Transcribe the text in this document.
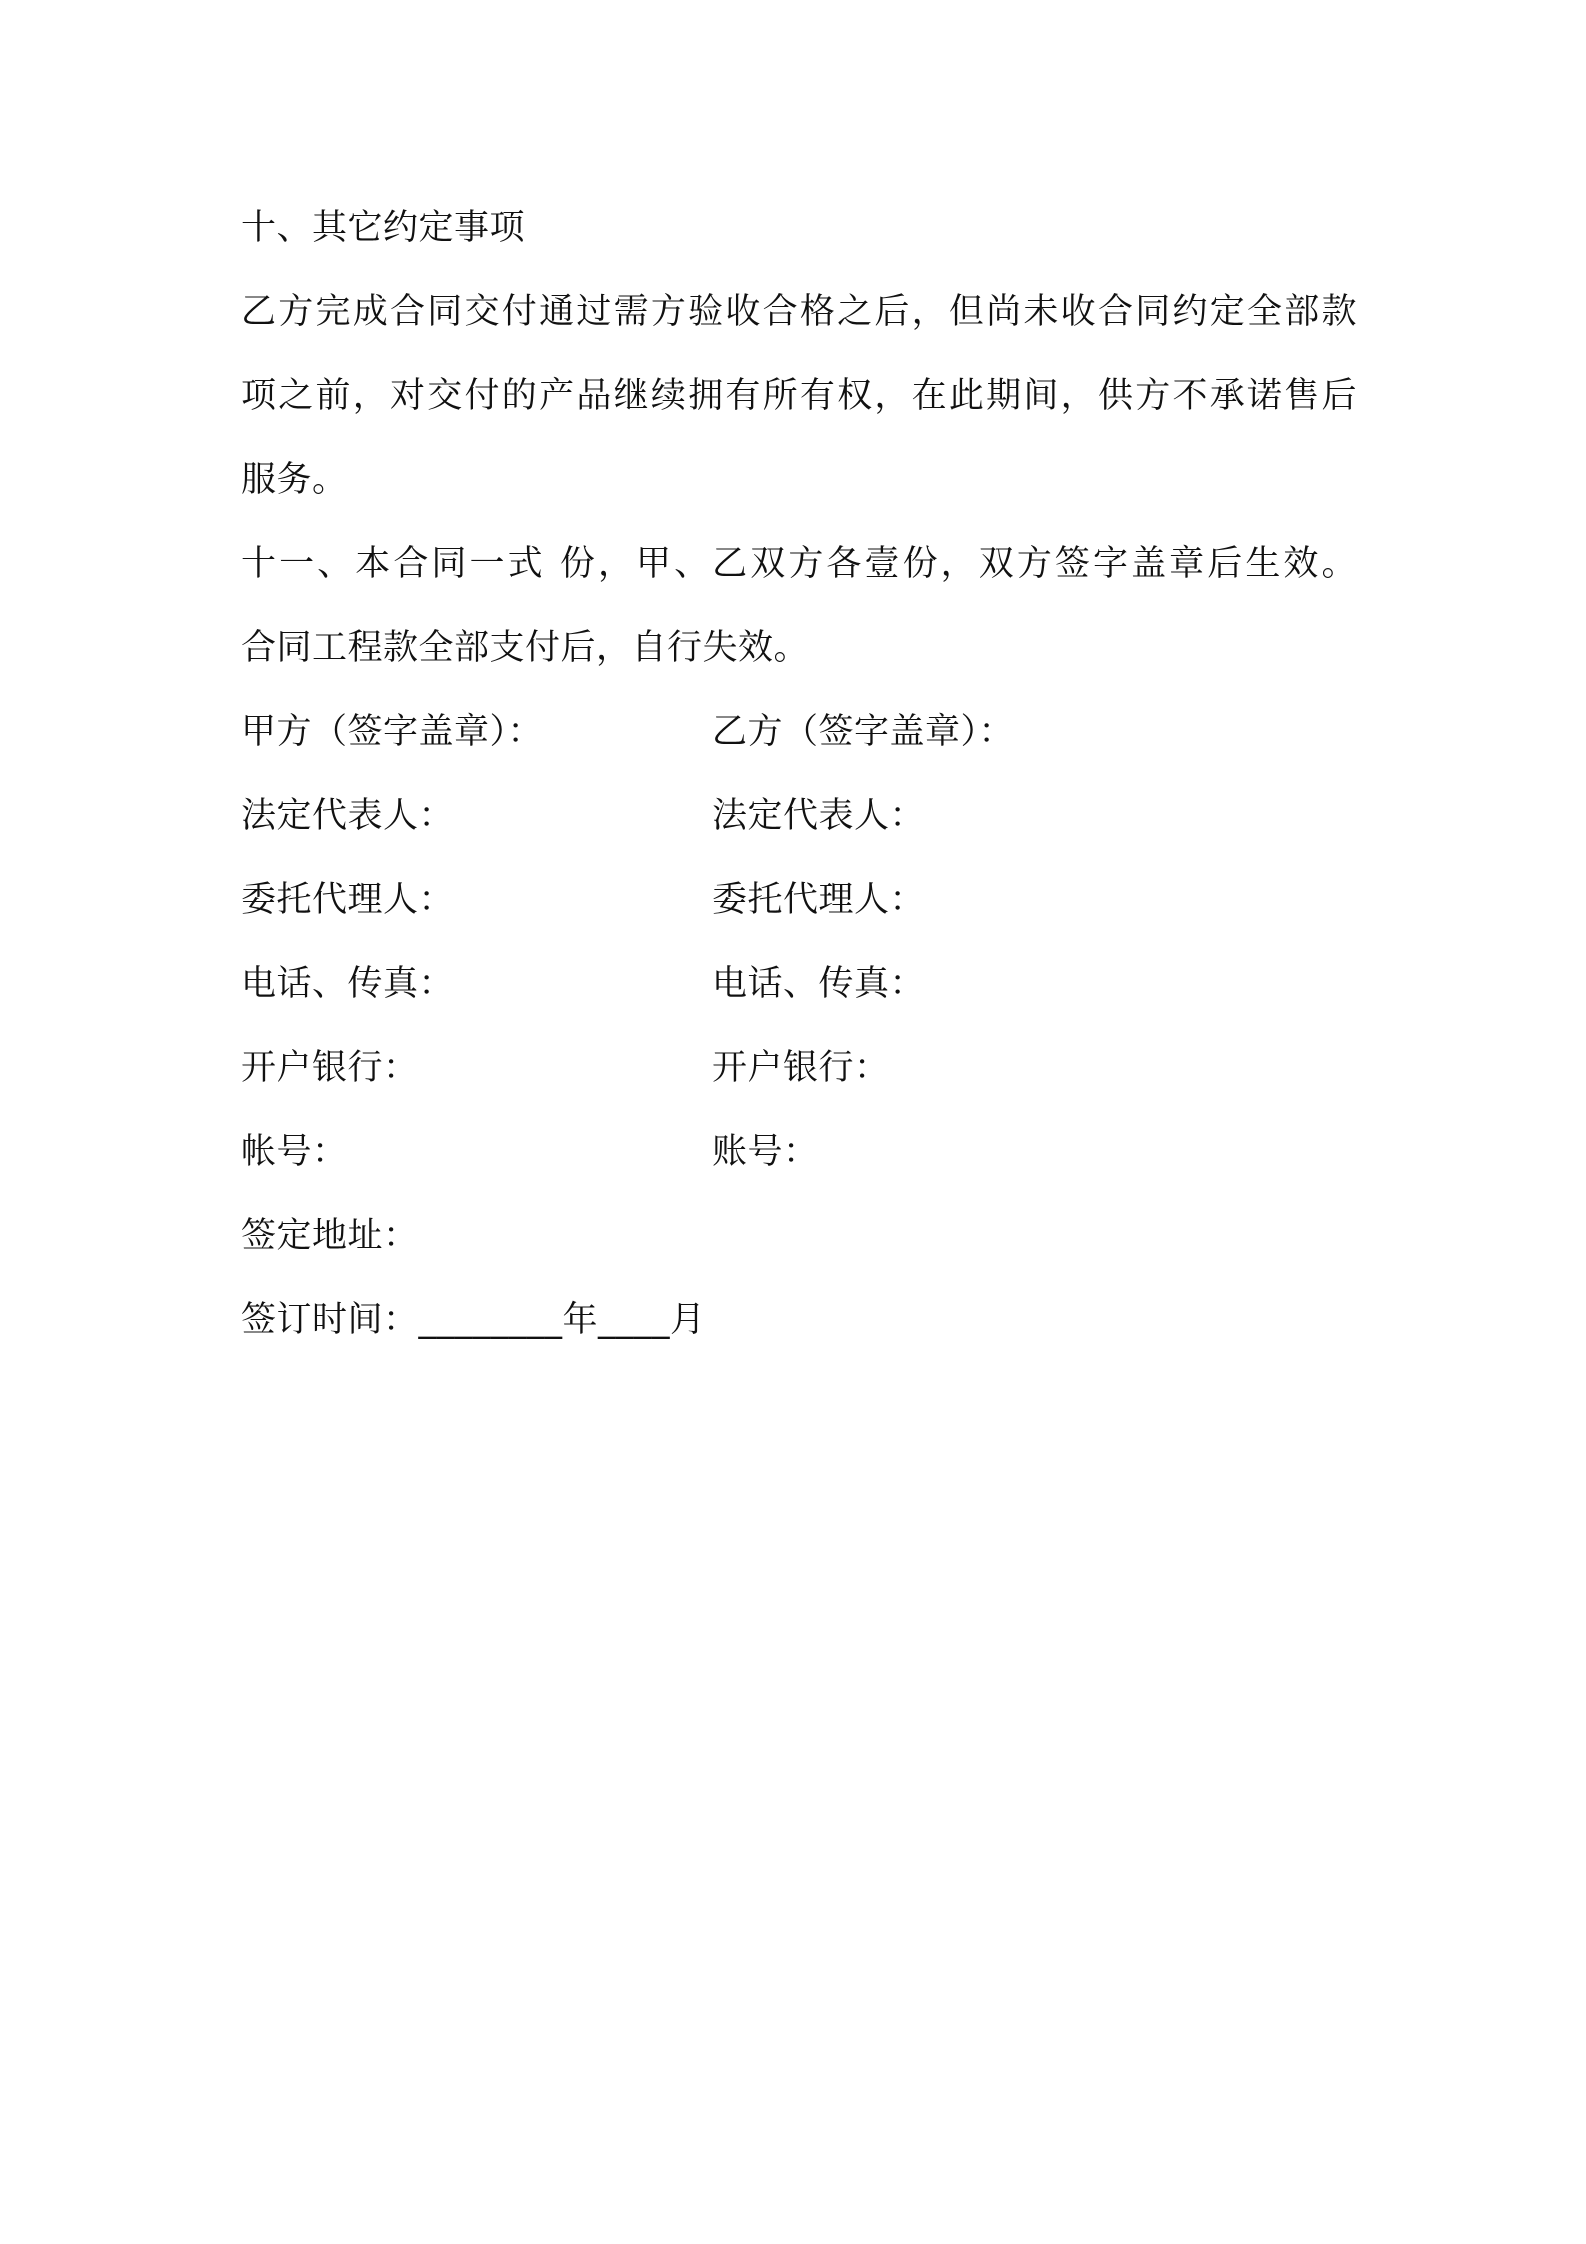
十、其它约定事项
乙方完成合同交付通过需方验收合格之后，但尚未收合同约定全部款
项之前，对交付的产品继续拥有所有权，在此期间，供方不承诺售后
服务。
十一、本合同一式 份，甲、乙双方各壹份，双方签字盖章后生效。
合同工程款全部支付后，自行失效。
甲方（签字盖章）：	乙方（签字盖章）：
法定代表人：	法定代表人：
委托代理人：	委托代理人：
电话、传真：	电话、传真：
开户银行：	开户银行：
帐号：	账号：
签定地址：
签订时间：________年____月
